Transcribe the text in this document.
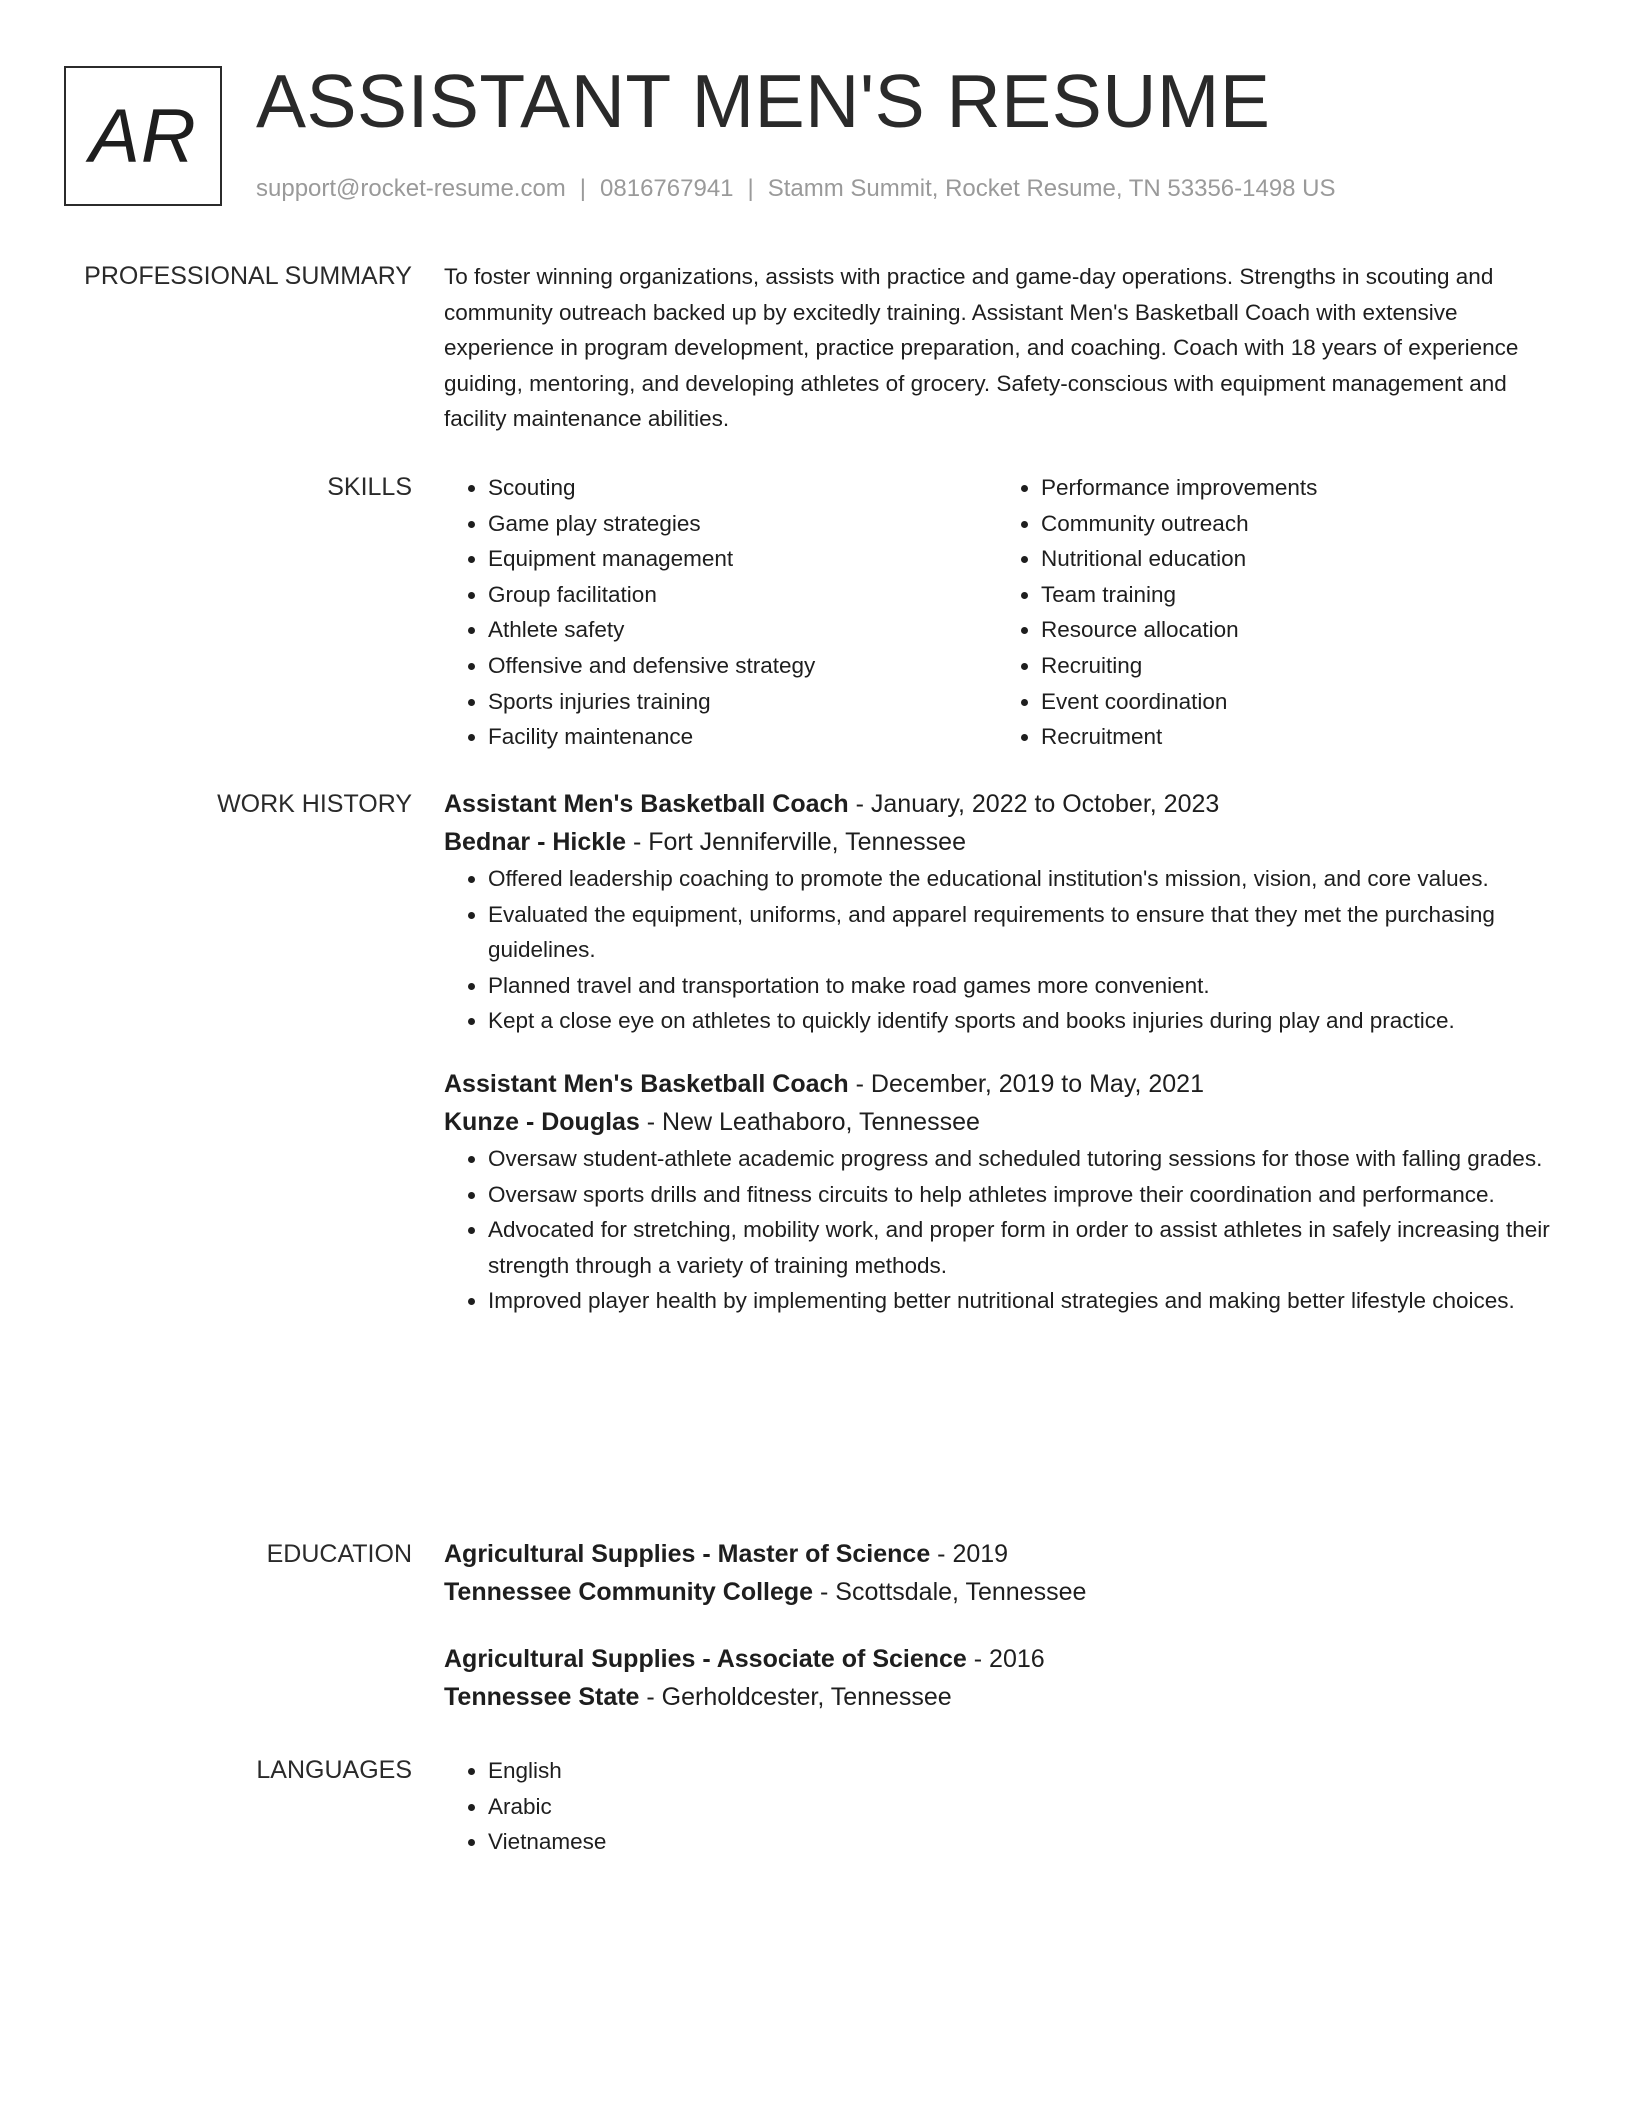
AR ASSISTANT MEN'S RESUME
support@rocket-resume.com | 0816767941 | Stamm Summit, Rocket Resume, TN 53356-1498 US
PROFESSIONAL SUMMARY To foster winning organizations, assists with practice and game-day operations. Strengths in scouting and community outreach backed up by excitedly training. Assistant Men's Basketball Coach with extensive experience in program development, practice preparation, and coaching. Coach with 18 years of experience guiding, mentoring, and developing athletes of grocery. Safety-conscious with equipment management and facility maintenance abilities.

SKILLS	• Scouting
• Game play strategies
• Equipment management
• Group facilitation
• Athlete safety
• Offensive and defensive strategy
• Sports injuries training
• Facility maintenance
• Performance improvements
• Community outreach
• Nutritional education
• Team training
• Resource allocation
• Recruiting
• Event coordination
• Recruitment
WORK HISTORY Assistant Men's Basketball Coach - January, 2022 to October, 2023
Bednar - Hickle - Fort Jenniferville, Tennessee
• Offered leadership coaching to promote the educational institution's mission, vision, and core values.
• Evaluated the equipment, uniforms, and apparel requirements to ensure that they met the purchasing guidelines.
• Planned travel and transportation to make road games more convenient.
• Kept a close eye on athletes to quickly identify sports and books injuries during play and practice.
Assistant Men's Basketball Coach - December, 2019 to May, 2021
Kunze - Douglas - New Leathaboro, Tennessee
• Oversaw student-athlete academic progress and scheduled tutoring sessions for those with falling grades.
• Oversaw sports drills and fitness circuits to help athletes improve their coordination and performance.
• Advocated for stretching, mobility work, and proper form in order to assist athletes in safely increasing their strength through a variety of training methods.
• Improved player health by implementing better nutritional strategies and making better lifestyle choices.
EDUCATION Agricultural Supplies - Master of Science - 2019
Tennessee Community College - Scottsdale, Tennessee
Agricultural Supplies - Associate of Science - 2016
Tennessee State - Gerholdcester, Tennessee
LANGUAGES	• English
• Arabic
• Vietnamese
